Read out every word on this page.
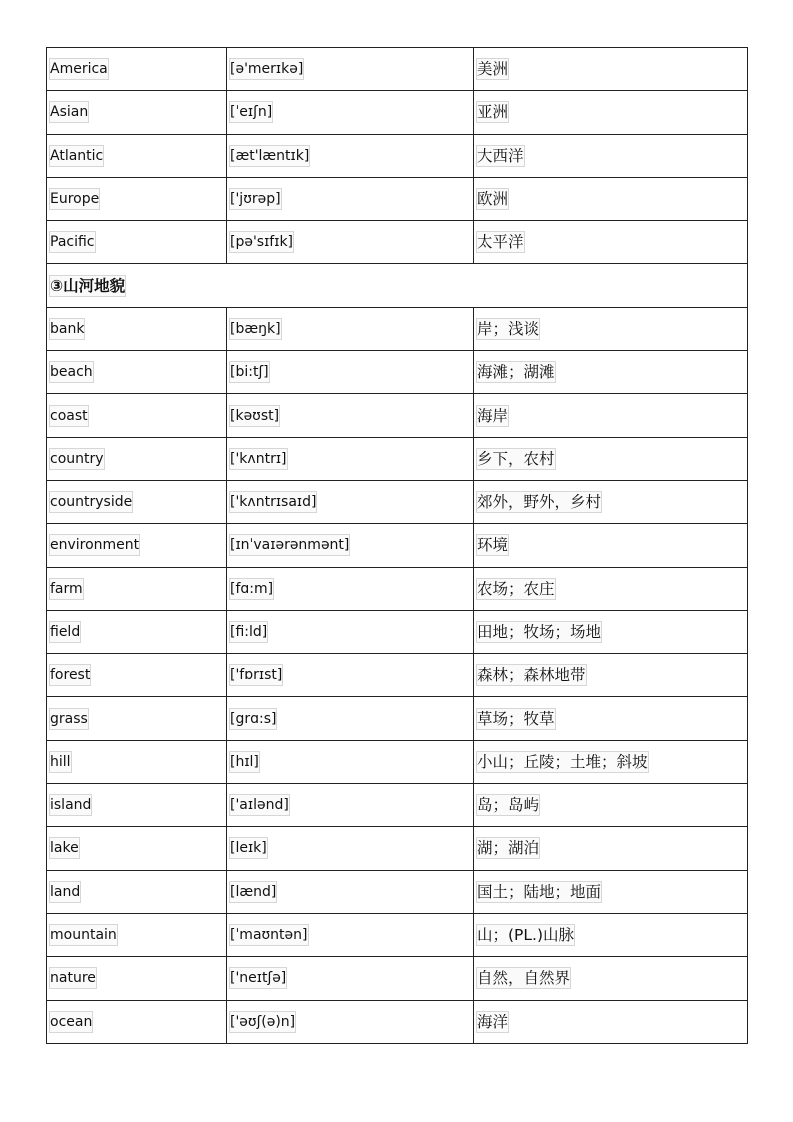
America	[ə'merɪkə]	美洲
Asian	[ˈeɪʃn]	亚洲
Atlantic	[æt'læntɪk]	大西洋
Europe	['jʊrəp]	欧洲
Pacific	[pə'sɪfɪk]	太平洋
③山河地貌		
bank	[bæŋk]	岸；浅谈
beach	[bi:tʃ]	海滩；湖滩
coast	[kəʊst]	海岸
country	['kʌntrɪ]	乡下，农村
countryside	['kʌntrɪsaɪd]	郊外，野外，乡村
environment	[ɪnˈvaɪərənmənt]	环境
farm	[fɑ:m]	农场；农庄
field	[fi:ld]	田地；牧场；场地
forest	['fɒrɪst]	森林；森林地带
grass	[grɑ:s]	草场；牧草
hill	[hɪl]	小山；丘陵；土堆；斜坡
island	['aɪlənd]	岛；岛屿
lake	[leɪk]	湖；湖泊
land	[lænd]	国土；陆地；地面
mountain	[ˈmaʊntən]	山；(PL.)山脉
nature	['neɪtʃə]	自然，自然界
ocean	['əʊʃ(ə)n]	海洋
